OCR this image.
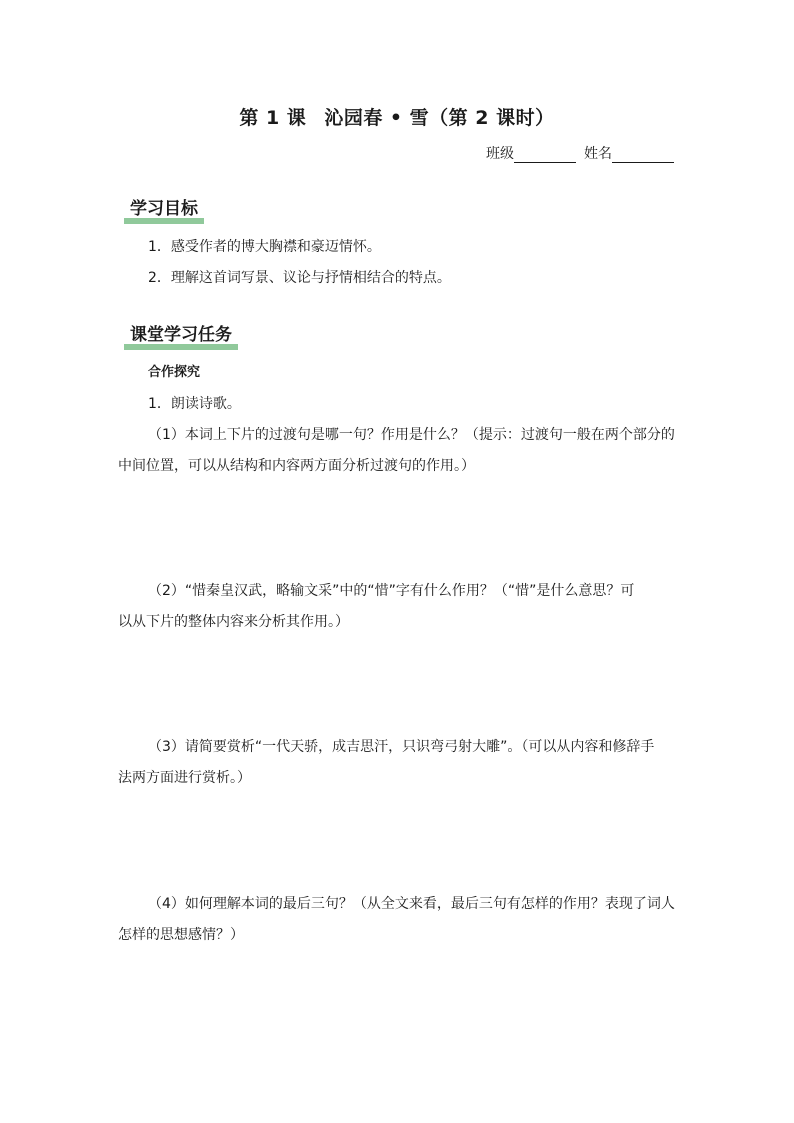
第 1 课 沁园春 • 雪（第 2 课时）
班级	姓名
学习目标
1．感受作者的博大胸襟和豪迈情怀。
2．理解这首词写景、议论与抒情相结合的特点。
课堂学习任务
合作探究
1．朗读诗歌。
（1）本词上下片的过渡句是哪一句？作用是什么？（提示：过渡句一般在两个部分的
中间位置，可以从结构和内容两方面分析过渡句的作用。）
（2）“惜秦皇汉武，略输文采”中的“惜”字有什么作用？（“惜”是什么意思？可
以从下片的整体内容来分析其作用。）
（3）请简要赏析“一代天骄，成吉思汗，只识弯弓射大雕”。（可以从内容和修辞手
法两方面进行赏析。）
（4）如何理解本词的最后三句？（从全文来看，最后三句有怎样的作用？表现了词人
怎样的思想感情？）
